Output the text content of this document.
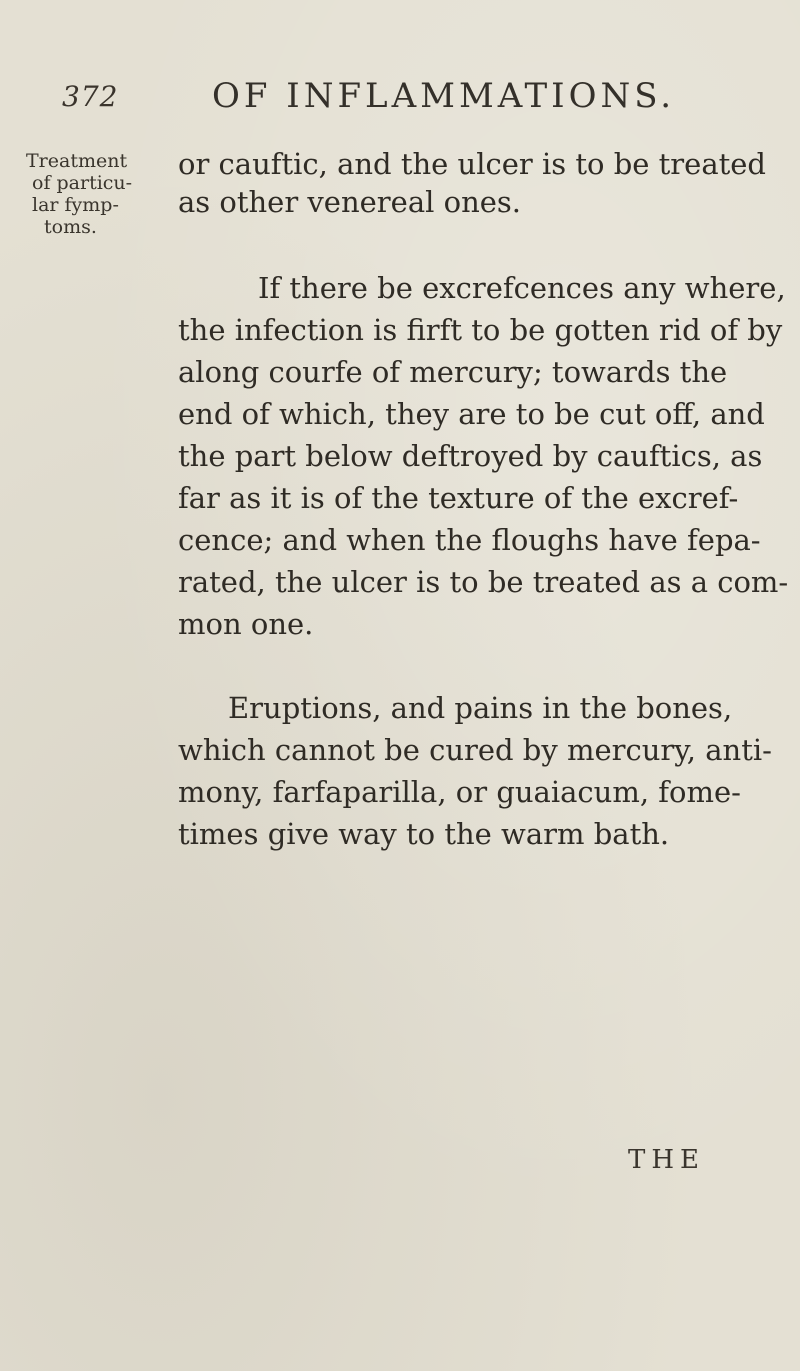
372	OF INFLAMMATIONS.
Treatment
of particu-
lar fymp-
toms.
or cauftic, and the ulcer is to be treated
as other venereal ones.
If there be excrefcences any where,
the infection is firft to be gotten rid of by
along courfe of mercury; towards the
end of which, they are to be cut off, and
the part below deftroyed by cauftics, as
far as it is of the texture of the excref-
cence; and when the floughs have fepa-
rated, the ulcer is to be treated as a com-
mon one.
Eruptions, and pains in the bones,
which cannot be cured by mercury, anti-
mony, farfaparilla, or guaiacum, fome-
times give way to the warm bath.
THE
